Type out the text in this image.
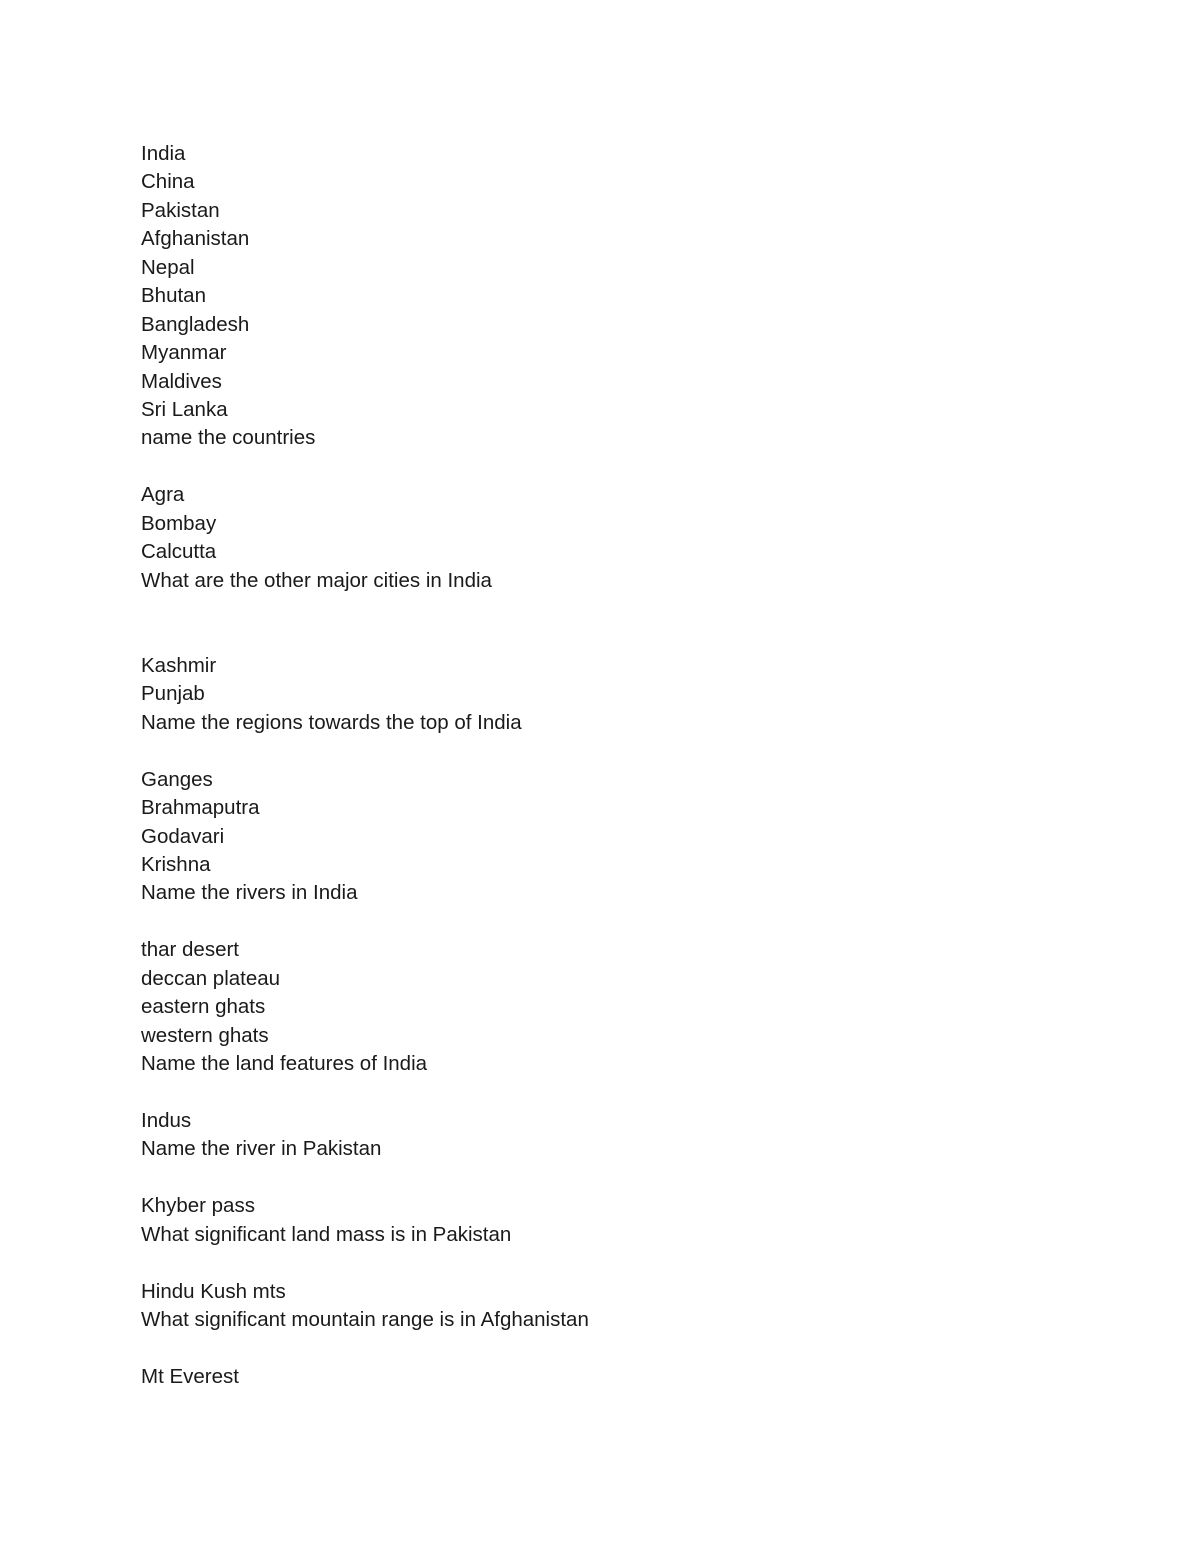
India
China
Pakistan
Afghanistan
Nepal
Bhutan
Bangladesh
Myanmar
Maldives
Sri Lanka
name the countries
Agra
Bombay
Calcutta
What are the other major cities in India
Kashmir
Punjab
Name the regions towards the top of India
Ganges
Brahmaputra
Godavari
Krishna
Name the rivers in India
thar desert
deccan plateau
eastern ghats
western ghats
Name the land features of India
Indus
Name the river in Pakistan
Khyber pass
What significant land mass is in Pakistan
Hindu Kush mts
What significant mountain range is in Afghanistan
Mt Everest
